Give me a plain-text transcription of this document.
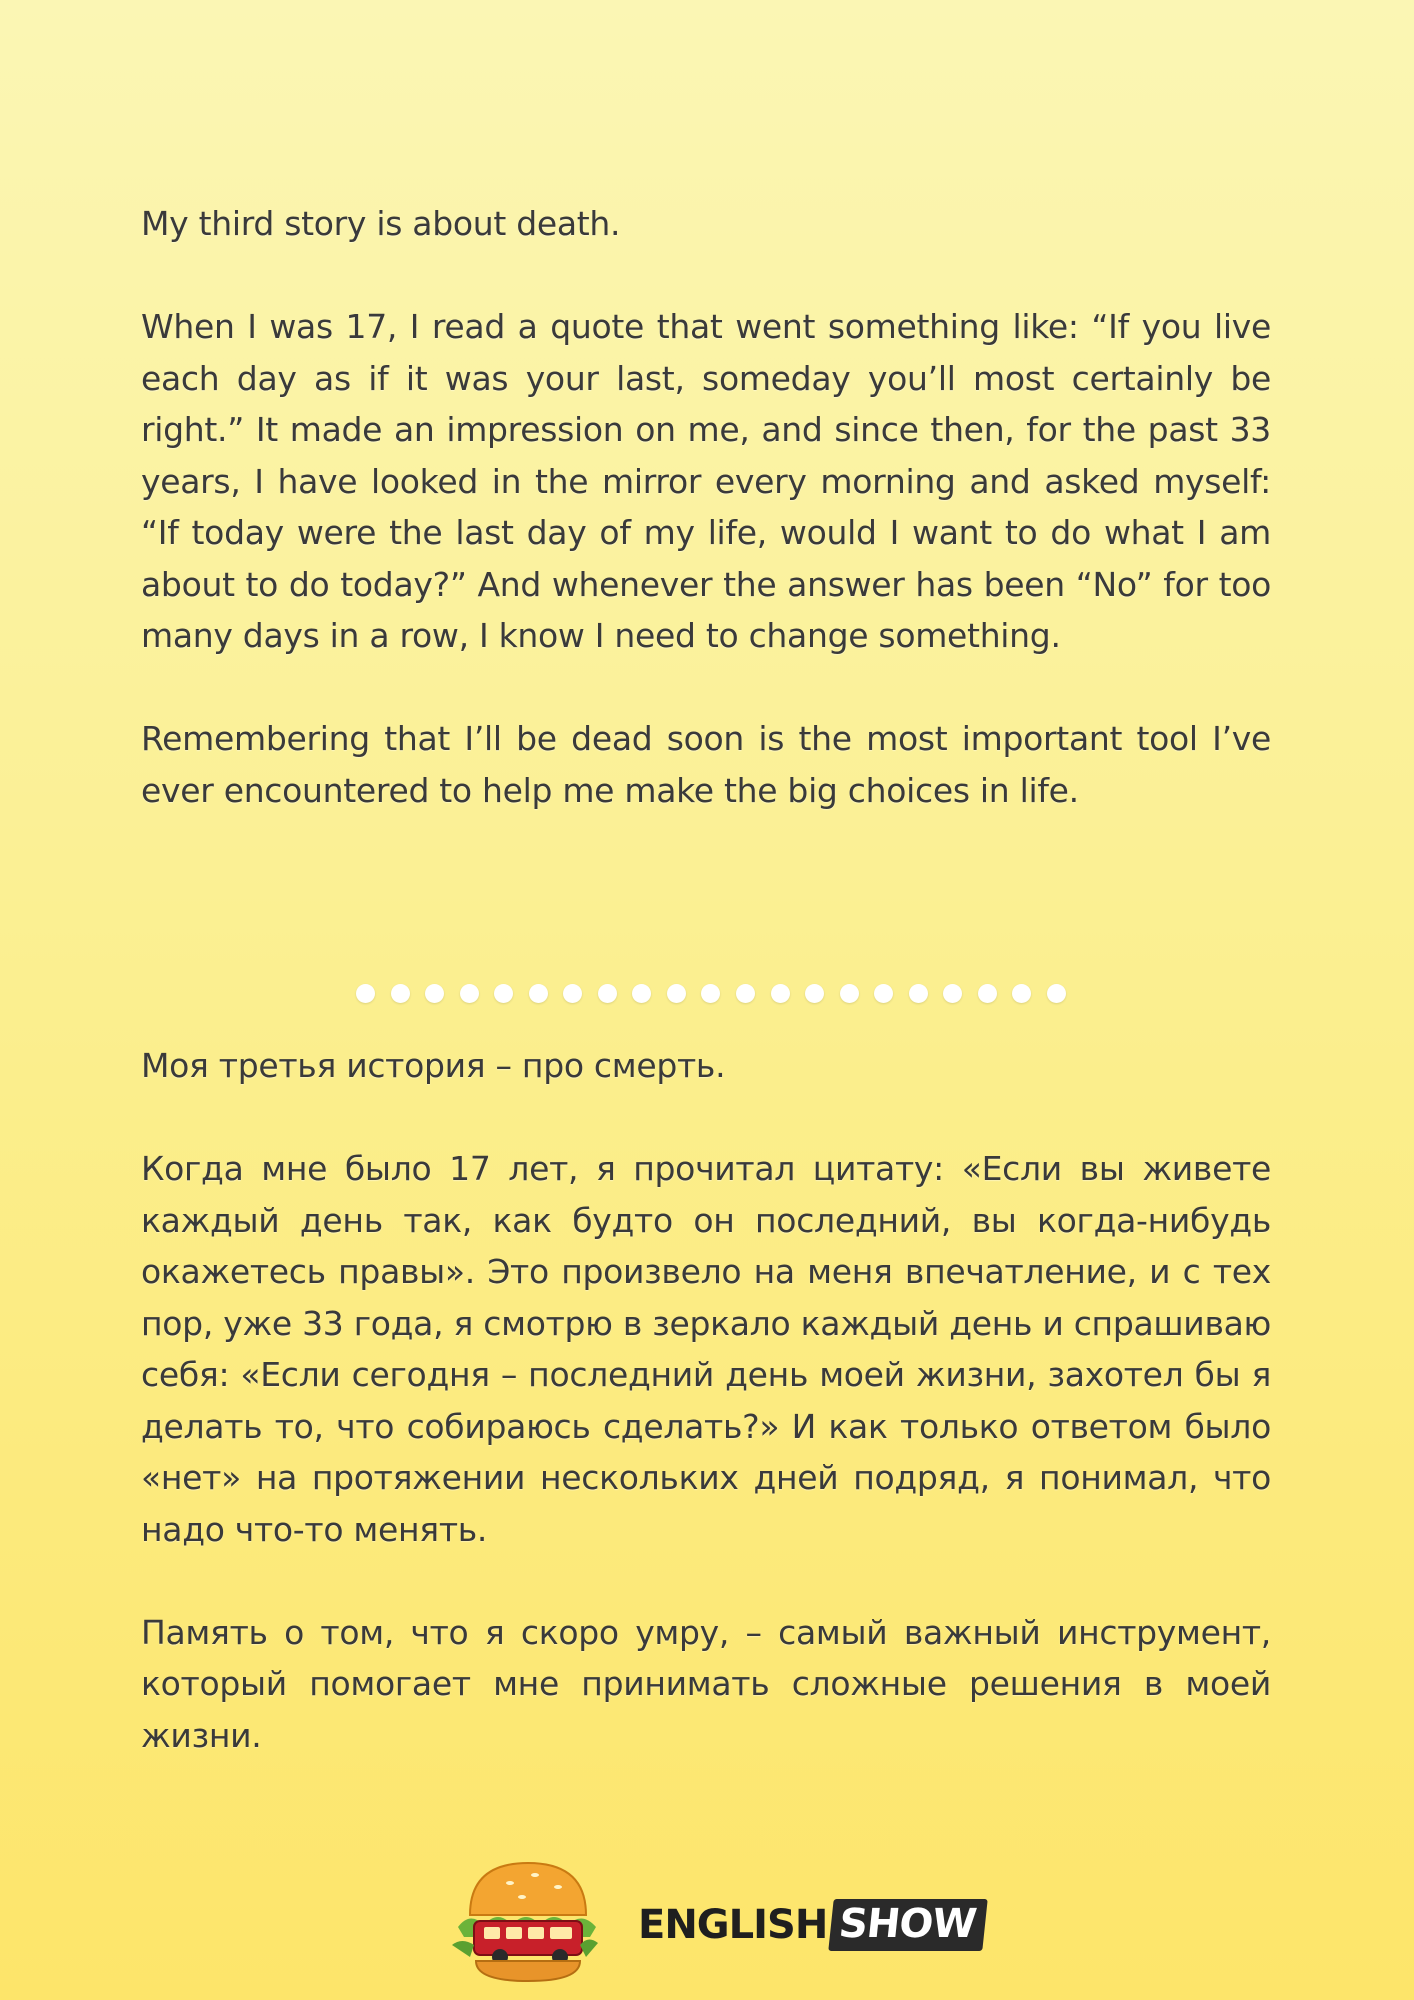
My third story is about death.

When I was 17, I read a quote that went something like: “If you live each day as if it was your last, someday you’ll most certainly be right.” It made an impression on me, and since then, for the past 33 years, I have looked in the mirror every morning and asked myself: “If today were the last day of my life, would I want to do what I am about to do today?” And whenever the answer has been “No” for too many days in a row, I know I need to change something.

Remembering that I’ll be dead soon is the most important tool I’ve ever encountered to help me make the big choices in life.

Моя третья история – про смерть.

Когда мне было 17 лет, я прочитал цитату: «Если вы живете каждый день так, как будто он последний, вы когда-нибудь окажетесь правы». Это произвело на меня впечатление, и с тех пор, уже 33 года, я смотрю в зеркало каждый день и спрашиваю себя: «Если сегодня – последний день моей жизни, захотел бы я делать то, что собираюсь сделать?» И как только ответом было «нет» на протяжении нескольких дней подряд, я понимал, что надо что-то менять.

Память о том, что я скоро умру, – самый важный инструмент, который помогает мне принимать сложные решения в моей жизни.

ENGLISH SHOW
